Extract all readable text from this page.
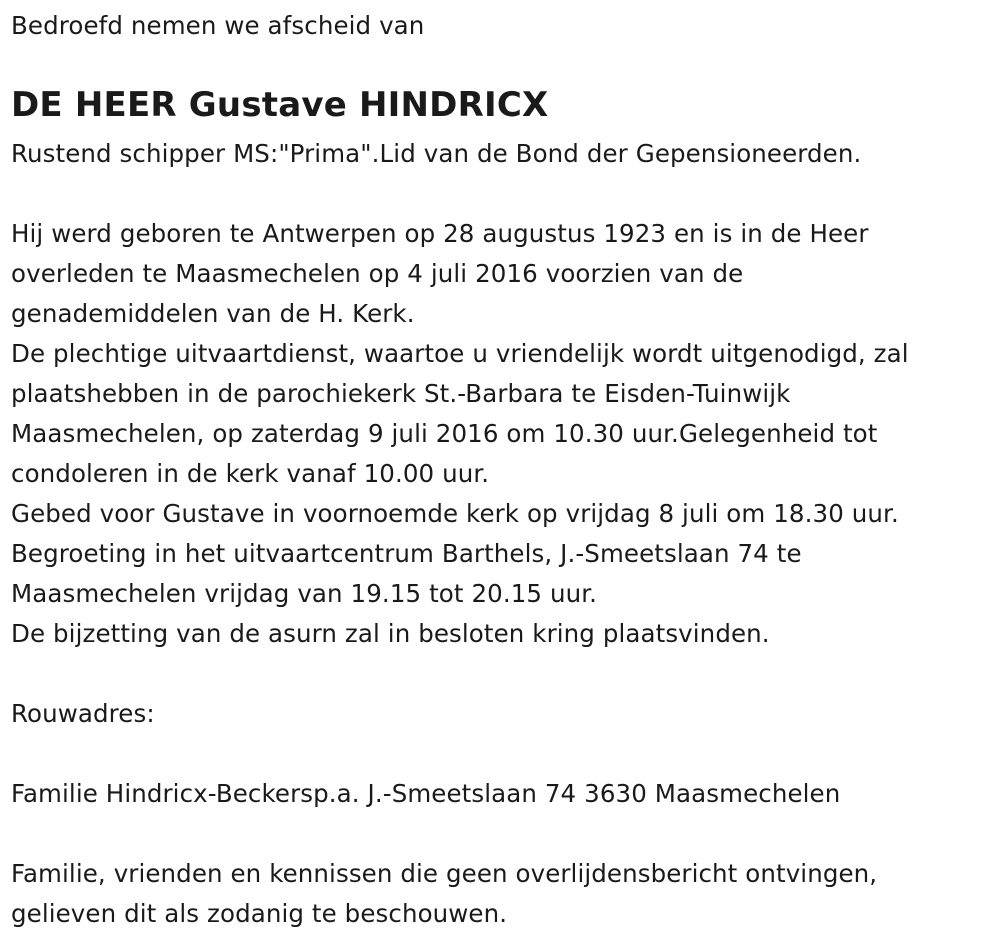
Bedroefd nemen we afscheid van
DE HEER Gustave HINDRICX
Rustend schipper MS:"Prima".Lid van de Bond der Gepensioneerden.
Hij werd geboren te Antwerpen op 28 augustus 1923 en is in de Heer
overleden te Maasmechelen op 4 juli 2016 voorzien van de
genademiddelen van de H. Kerk.
De plechtige uitvaartdienst, waartoe u vriendelijk wordt uitgenodigd, zal
plaatshebben in de parochiekerk St.-Barbara te Eisden-Tuinwijk
Maasmechelen, op zaterdag 9 juli 2016 om 10.30 uur.Gelegenheid tot
condoleren in de kerk vanaf 10.00 uur.
Gebed voor Gustave in voornoemde kerk op vrijdag 8 juli om 18.30 uur.
Begroeting in het uitvaartcentrum Barthels, J.-Smeetslaan 74 te
Maasmechelen vrijdag van 19.15 tot 20.15 uur.
De bijzetting van de asurn zal in besloten kring plaatsvinden.
Rouwadres:
Familie Hindricx-Beckersp.a. J.-Smeetslaan 74 3630 Maasmechelen
Familie, vrienden en kennissen die geen overlijdensbericht ontvingen,
gelieven dit als zodanig te beschouwen.
